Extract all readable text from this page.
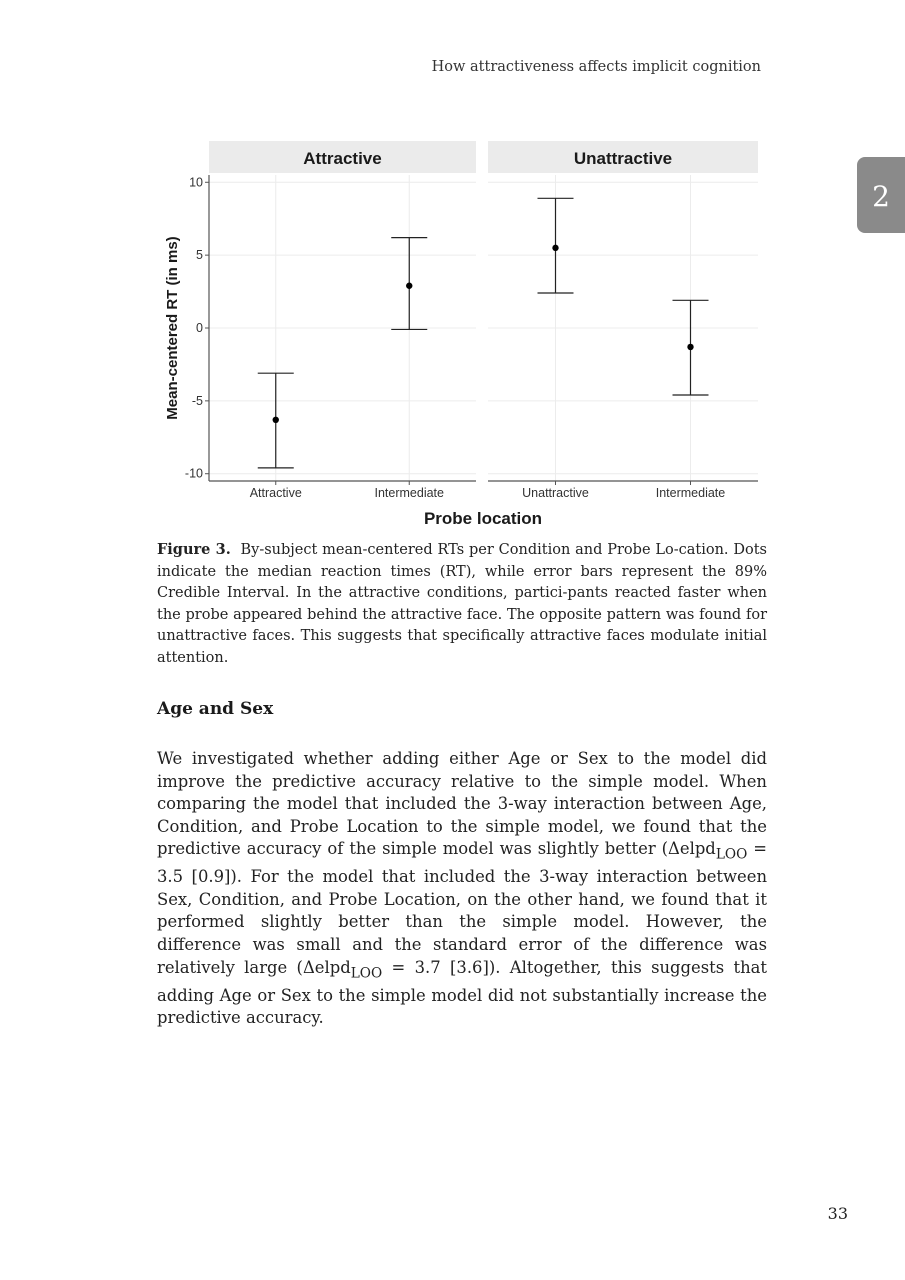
How attractiveness affects implicit cognition
2
Mean-centered RT (in ms)
Probe location
Attractive
Attractive	Intermediate
Unattractive
Unattractive	Intermediate
10
5
0
-5
-10
Figure 3. By-subject mean-centered RTs per Condition and Probe Lo-cation. Dots indicate the median reaction times (RT), while error bars represent the 89% Credible Interval. In the attractive conditions, partici-pants reacted faster when the probe appeared behind the attractive face. The opposite pattern was found for unattractive faces. This suggests that specifically attractive faces modulate initial attention.
Age and Sex

We investigated whether adding either Age or Sex to the model did improve the predictive accuracy relative to the simple model. When comparing the model that included the 3-way interaction between Age, Condition, and Probe Location to the simple model, we found that the predictive accuracy of the simple model was slightly better (Δelpd$_{LOO}$ = 3.5 [0.9]). For the model that included the 3-way interaction between Sex, Condition, and Probe Location, on the other hand, we found that it performed slightly better than the simple model. However, the difference was small and the standard error of the difference was relatively large (Δelpd$_{LOO}$ = 3.7 [3.6]). Altogether, this suggests that adding Age or Sex to the simple model did not substantially increase the predictive accuracy.

33
